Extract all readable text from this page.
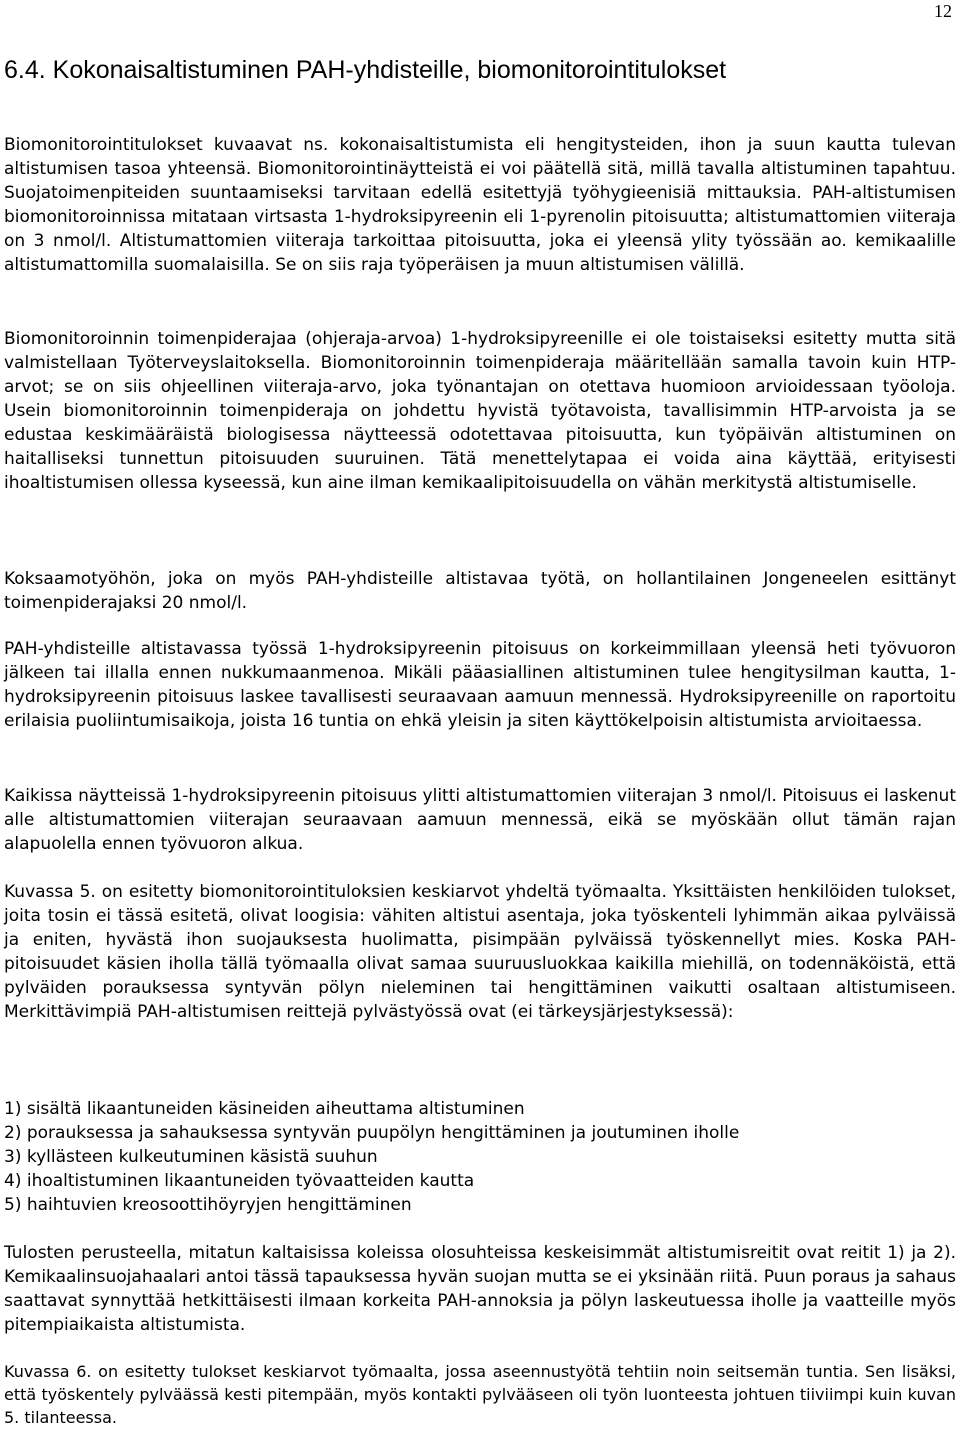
12
6.4. Kokonaisaltistuminen PAH-yhdisteille, biomonitorointitulokset

Biomonitorointitulokset kuvaavat ns. kokonaisaltistumista eli hengitysteiden, ihon ja suun kautta tulevan altistumisen tasoa yhteensä. Biomonitorointinäytteistä ei voi päätellä sitä, millä tavalla altistuminen tapahtuu. Suojatoimenpiteiden suuntaamiseksi tarvitaan edellä esitettyjä työhygieenisiä mittauksia. PAH-altistumisen biomonitoroinnissa mitataan virtsasta 1-hydroksipyreenin eli 1-pyrenolin pitoisuutta; altistumattomien viiteraja on 3 nmol/l. Altistumattomien viiteraja tarkoittaa pitoisuutta, joka ei yleensä ylity työssään ao. kemikaalille altistumattomilla suomalaisilla. Se on siis raja työperäisen ja muun altistumisen välillä.

Biomonitoroinnin toimenpiderajaa (ohjeraja-arvoa) 1-hydroksipyreenille ei ole toistaiseksi esitetty mutta sitä valmistellaan Työterveyslaitoksella. Biomonitoroinnin toimenpideraja määritellään samalla tavoin kuin HTP-arvot; se on siis ohjeellinen viiteraja-arvo, joka työnantajan on otettava huomioon arvioidessaan työoloja. Usein biomonitoroinnin toimenpideraja on johdettu hyvistä työtavoista, tavallisimmin HTP-arvoista ja se edustaa keskimääräistä biologisessa näytteessä odotettavaa pitoisuutta, kun työpäivän altistuminen on haitalliseksi tunnettun pitoisuuden suuruinen. Tätä menettelytapaa ei voida aina käyttää, erityisesti ihoaltistumisen ollessa kyseessä, kun aine ilman kemikaalipitoisuudella on vähän merkitystä altistumiselle.

Koksaamotyöhön, joka on myös PAH-yhdisteille altistavaa työtä, on hollantilainen Jongeneelen esittänyt toimenpiderajaksi 20 nmol/l.

PAH-yhdisteille altistavassa työssä 1-hydroksipyreenin pitoisuus on korkeimmillaan yleensä heti työvuoron jälkeen tai illalla ennen nukkumaanmenoa. Mikäli pääasiallinen altistuminen tulee hengitysilman kautta, 1-hydroksipyreenin pitoisuus laskee tavallisesti seuraavaan aamuun mennessä. Hydroksipyreenille on raportoitu erilaisia puoliintumisaikoja, joista 16 tuntia on ehkä yleisin ja siten käyttökelpoisin altistumista arvioitaessa.

Kaikissa näytteissä 1-hydroksipyreenin pitoisuus ylitti altistumattomien viiterajan 3 nmol/l. Pitoisuus ei laskenut alle altistumattomien viiterajan seuraavaan aamuun mennessä, eikä se myöskään ollut tämän rajan alapuolella ennen työvuoron alkua.

Kuvassa 5. on esitetty biomonitorointituloksien keskiarvot yhdeltä työmaalta. Yksittäisten henkilöiden tulokset, joita tosin ei tässä esitetä, olivat loogisia: vähiten altistui asentaja, joka työskenteli lyhimmän aikaa pylväissä ja eniten, hyvästä ihon suojauksesta huolimatta, pisimpään pylväissä työskennellyt mies. Koska PAH-pitoisuudet käsien iholla tällä työmaalla olivat samaa suuruusluokkaa kaikilla miehillä, on todennäköistä, että pylväiden porauksessa syntyvän pölyn nieleminen tai hengittäminen vaikutti osaltaan altistumiseen. Merkittävimpiä PAH-altistumisen reittejä pylvästyössä ovat (ei tärkeysjärjestyksessä):

1) sisältä likaantuneiden käsineiden aiheuttama altistuminen
2) porauksessa ja sahauksessa syntyvän puupölyn hengittäminen ja joutuminen iholle
3) kyllästeen kulkeutuminen käsistä suuhun
4) ihoaltistuminen likaantuneiden työvaatteiden kautta
5) haihtuvien kreosoottihöyryjen hengittäminen

Tulosten perusteella, mitatun kaltaisissa koleissa olosuhteissa keskeisimmät altistumisreitit ovat reitit 1) ja 2). Kemikaalinsuojahaalari antoi tässä tapauksessa hyvän suojan mutta se ei yksinään riitä. Puun poraus ja sahaus saattavat synnyttää hetkittäisesti ilmaan korkeita PAH-annoksia ja pölyn laskeutuessa iholle ja vaatteille myös pitempiaikaista altistumista.

Kuvassa 6. on esitetty tulokset keskiarvot työmaalta, jossa aseennustyötä tehtiin noin seitsemän tuntia. Sen lisäksi, että työskentely pylväässä kesti pitempään, myös kontakti pylvääseen oli työn luonteesta johtuen tiiviimpi kuin kuvan 5. tilanteessa.
